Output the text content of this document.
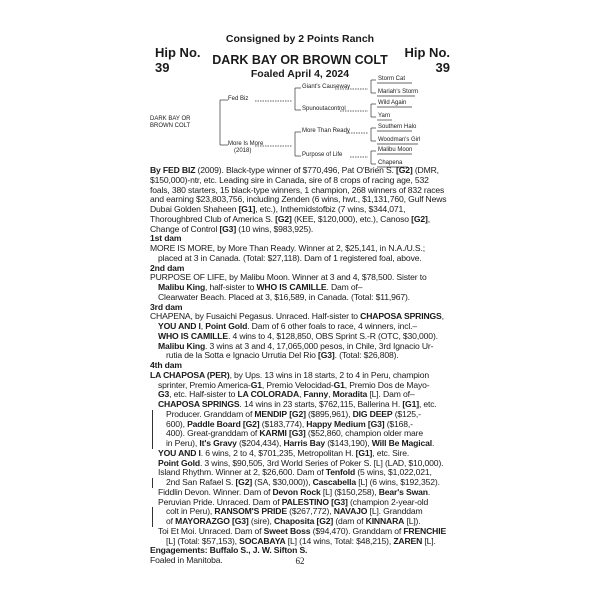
Consigned by 2 Points Ranch
Hip No.
39
Hip No.
39
DARK BAY OR BROWN COLT
Foaled April 4, 2024
DARK BAY OR
BROWN COLT
Fed Biz
More Is More
(2018)
Giant's Causeway
Spunoutacontrol
More Than Ready
Purpose of Life
Storm Cat
Mariah's Storm
Wild Again
Yarn
Southern Halo
Woodman's Girl
Malibu Moon
Chapena

By FED BIZ (2009). Black-type winner of $770,496, Pat O'Brien S. [G2] (DMR, $150,000)-ntr, etc. Leading sire in Canada, sire of 8 crops of racing age, 532 foals, 380 starters, 15 black-type winners, 1 champion, 268 winners of 832 races and earning $23,803,756, including Zenden (6 wins, hwt., $1,131,760, Gulf News Dubai Golden Shaheen [G1], etc.), Inthemidstofbiz (7 wins, $344,071, Thoroughbred Club of America S. [G2] (KEE, $120,000), etc.), Canoso [G2], Change of Control [G3] (10 wins, $983,925).

1st dam

MORE IS MORE, by More Than Ready. Winner at 2, $25,141, in N.A./U.S.;

placed at 3 in Canada. (Total: $27,118). Dam of 1 registered foal, above.

2nd dam

PURPOSE OF LIFE, by Malibu Moon. Winner at 3 and 4, $78,500. Sister to

Malibu King, half-sister to WHO IS CAMILLE. Dam of–

Clearwater Beach. Placed at 3, $16,589, in Canada. (Total: $11,967).

3rd dam

CHAPENA, by Fusaichi Pegasus. Unraced. Half-sister to CHAPOSA SPRINGS,

YOU AND I, Point Gold. Dam of 6 other foals to race, 4 winners, incl.–

WHO IS CAMILLE. 4 wins to 4, $128,850, OBS Sprint S.-R (OTC, $30,000).

Malibu King. 3 wins at 3 and 4, 17,065,000 pesos, in Chile, 3rd Ignacio Ur-

rutia de la Sotta e Ignacio Urrutia Del Rio [G3]. (Total: $26,808).

4th dam

LA CHAPOSA (PER), by Ups. 13 wins in 18 starts, 2 to 4 in Peru, champion

sprinter, Premio America-G1, Premio Velocidad-G1, Premio Dos de Mayo-

G3, etc. Half-sister to LA COLORADA, Fanny, Moradita [L]. Dam of–

CHAPOSA SPRINGS. 14 wins in 23 starts, $762,115, Ballerina H. [G1], etc.

Producer. Granddam of MENDIP [G2] ($895,961), DIG DEEP ($125,-

600), Paddle Board [G2] ($183,774), Happy Medium [G3] ($168,-

400). Great-granddam of KARMI [G3] ($52,860, champion older mare

in Peru), It's Gravy ($204,434), Harris Bay ($143,190), Will Be Magical.

YOU AND I. 6 wins, 2 to 4, $701,235, Metropolitan H. [G1], etc. Sire.

Point Gold. 3 wins, $90,505, 3rd World Series of Poker S. [L] (LAD, $10,000).

Island Rhythm. Winner at 2, $26,600. Dam of Tenfold (5 wins, $1,022,021,

2nd San Rafael S. [G2] (SA, $30,000)), Cascabella [L] (6 wins, $192,352).

Fiddlin Devon. Winner. Dam of Devon Rock [L] ($150,258), Bear's Swan.

Peruvian Pride. Unraced. Dam of PALESTINO [G3] (champion 2-year-old

colt in Peru), RANSOM'S PRIDE ($267,772), NAVAJO [L]. Granddam

of MAYORAZGO [G3] (sire), Chaposita [G2] (dam of KINNARA [L]).

Toi Et Moi. Unraced. Dam of Sweet Boss ($94,470). Granddam of FRENCHIE

[L] (Total: $57,153), SOCABAYA [L] (14 wins, Total: $48,215), ZAREN [L].

Engagements: Buffalo S., J. W. Sifton S.

Foaled in Manitoba.	62
